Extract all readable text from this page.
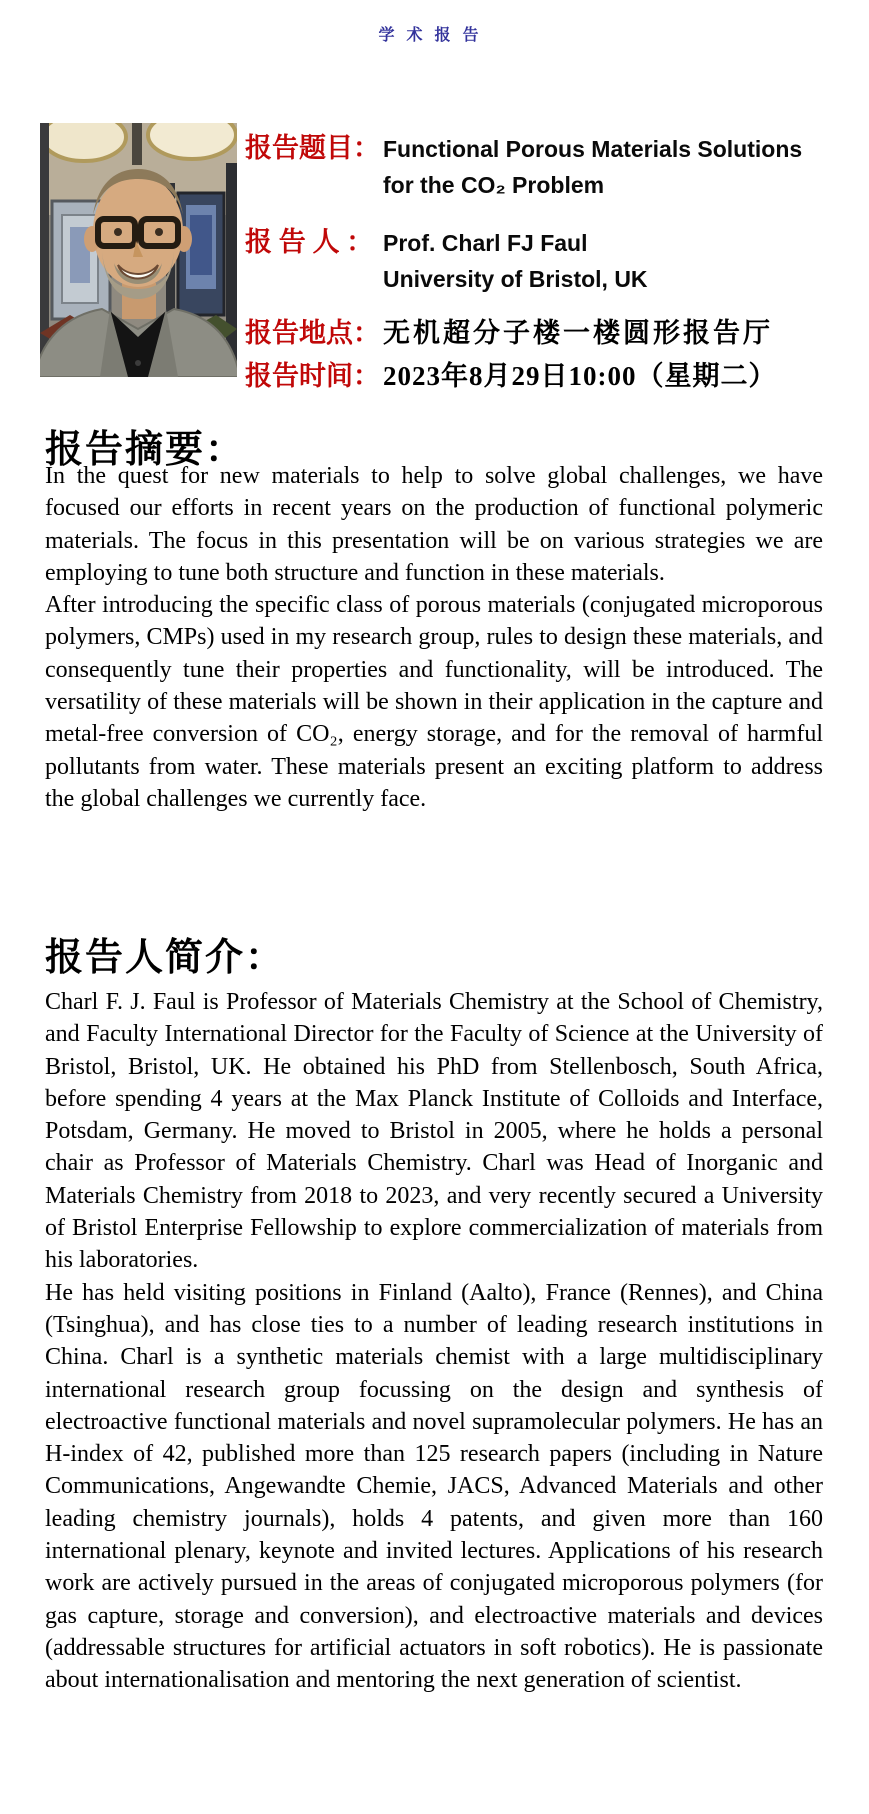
学术报告
报告题目： Functional Porous Materials Solutions
for the CO₂ Problem
报 告 人 ： Prof. Charl FJ Faul
University of Bristol, UK
报告地点： 无机超分子楼一楼圆形报告厅
报告时间： 2023年8月29日10:00（星期二）
报告摘要：

In the quest for new materials to help to solve global challenges, we have focused our efforts in recent years on the production of functional polymeric materials. The focus in this presentation will be on various strategies we are employing to tune both structure and function in these materials.

After introducing the specific class of porous materials (conjugated microporous polymers, CMPs) used in my research group, rules to design these materials, and consequently tune their properties and functionality, will be introduced. The versatility of these materials will be shown in their application in the capture and metal-free conversion of CO₂, energy storage, and for the removal of harmful pollutants from water. These materials present an exciting platform to address the global challenges we currently face.

报告人简介：

Charl F. J. Faul is Professor of Materials Chemistry at the School of Chemistry, and Faculty International Director for the Faculty of Science at the University of Bristol, Bristol, UK. He obtained his PhD from Stellenbosch, South Africa, before spending 4 years at the Max Planck Institute of Colloids and Interface, Potsdam, Germany. He moved to Bristol in 2005, where he holds a personal chair as Professor of Materials Chemistry. Charl was Head of Inorganic and Materials Chemistry from 2018 to 2023, and very recently secured a University of Bristol Enterprise Fellowship to explore commercialization of materials from his laboratories.

He has held visiting positions in Finland (Aalto), France (Rennes), and China (Tsinghua), and has close ties to a number of leading research institutions in China. Charl is a synthetic materials chemist with a large multidisciplinary international research group focussing on the design and synthesis of electroactive functional materials and novel supramolecular polymers. He has an H-index of 42, published more than 125 research papers (including in Nature Communications, Angewandte Chemie, JACS, Advanced Materials and other leading chemistry journals), holds 4 patents, and given more than 160 international plenary, keynote and invited lectures. Applications of his research work are actively pursued in the areas of conjugated microporous polymers (for gas capture, storage and conversion), and electroactive materials and devices (addressable structures for artificial actuators in soft robotics). He is passionate about internationalisation and mentoring the next generation of scientist.
